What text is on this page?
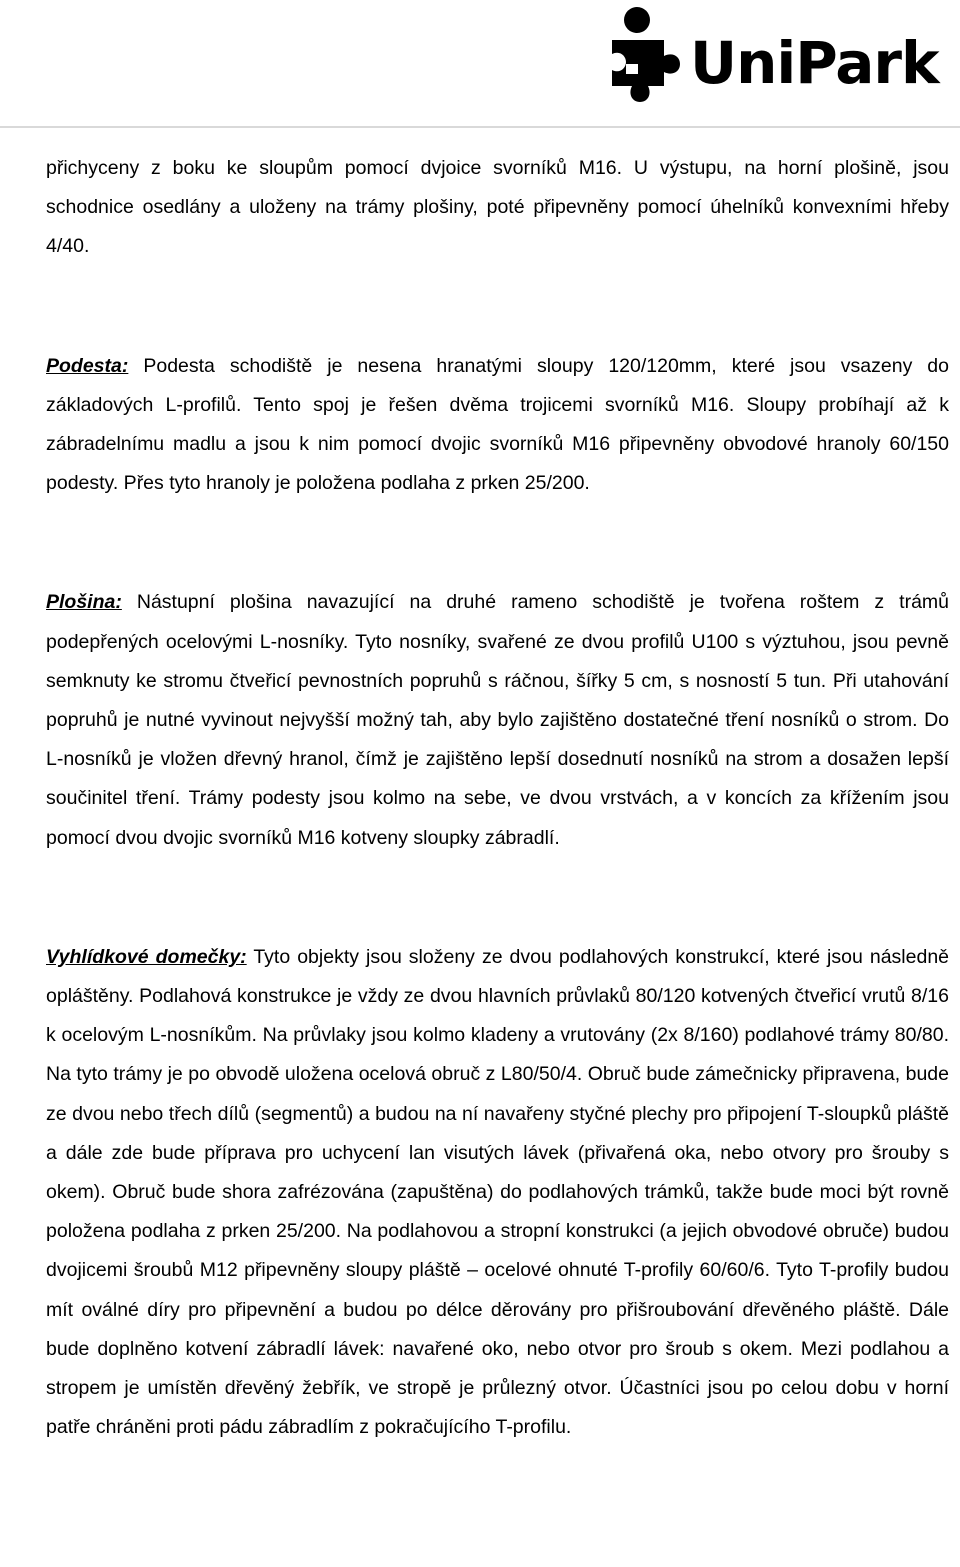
UniPark

přichyceny z boku ke sloupům pomocí dvjoice svorníků M16. U výstupu, na horní plošině, jsou schodnice osedlány a uloženy na trámy plošiny, poté připevněny pomocí úhelníků konvexními hřeby 4/40.

Podesta: Podesta schodiště je nesena hranatými sloupy 120/120mm, které jsou vsazeny do základových L-profilů. Tento spoj je řešen dvěma trojicemi svorníků M16. Sloupy probíhají až k zábradelnímu madlu a jsou k nim pomocí dvojic svorníků M16 připevněny obvodové hranoly 60/150 podesty. Přes tyto hranoly je položena podlaha z prken 25/200.

Plošina: Nástupní plošina navazující na druhé rameno schodiště je tvořena roštem z trámů podepřených ocelovými L-nosníky. Tyto nosníky, svařené ze dvou profilů U100 s výztuhou, jsou pevně semknuty ke stromu čtveřicí pevnostních popruhů s ráčnou, šířky 5 cm, s nosností 5 tun. Při utahování popruhů je nutné vyvinout nejvyšší možný tah, aby bylo zajištěno dostatečné tření nosníků o strom. Do L-nosníků je vložen dřevný hranol, čímž je zajištěno lepší dosednutí nosníků na strom a dosažen lepší součinitel tření. Trámy podesty jsou kolmo na sebe, ve dvou vrstvách, a v koncích za křížením jsou pomocí dvou dvojic svorníků M16 kotveny sloupky zábradlí.

Vyhlídkové domečky: Tyto objekty jsou složeny ze dvou podlahových konstrukcí, které jsou následně opláštěny. Podlahová konstrukce je vždy ze dvou hlavních průvlaků 80/120 kotvených čtveřicí vrutů 8/16 k ocelovým L-nosníkům. Na průvlaky jsou kolmo kladeny a vrutovány (2x 8/160) podlahové trámy 80/80. Na tyto trámy je po obvodě uložena ocelová obruč z L80/50/4. Obruč bude zámečnicky připravena, bude ze dvou nebo třech dílů (segmentů) a budou na ní navařeny styčné plechy pro připojení T-sloupků pláště a dále zde bude příprava pro uchycení lan visutých lávek (přivařená oka, nebo otvory pro šrouby s okem). Obruč bude shora zafrézována (zapuštěna) do podlahových trámků, takže bude moci být rovně položena podlaha z prken 25/200. Na podlahovou a stropní konstrukci (a jejich obvodové obruče) budou dvojicemi šroubů M12 připevněny sloupy pláště – ocelové ohnuté T-profily 60/60/6. Tyto T-profily budou mít oválné díry pro připevnění a budou po délce děrovány pro přišroubování dřevěného pláště. Dále bude doplněno kotvení zábradlí lávek: navařené oko, nebo otvor pro šroub s okem. Mezi podlahou a stropem je umístěn dřevěný žebřík, ve stropě je průlezný otvor. Účastníci jsou po celou dobu v horní patře chráněni proti pádu zábradlím z pokračujícího T-profilu.
